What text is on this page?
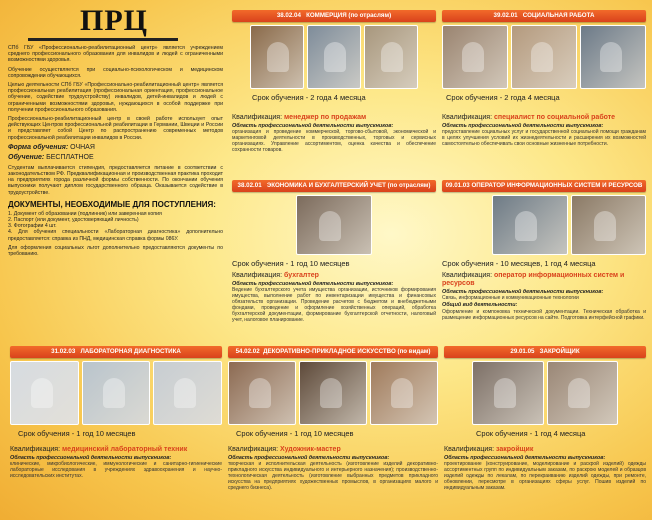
ПРЦ
СПб ГБУ «Профессионально-реабилитационный центр» является учреждением среднего профессионального образования для инвалидов и людей с ограниченными возможностями здоровья.
Обучение осуществляется при социально-психологическом и медицинском сопровождении обучающихся.
Целью деятельности СПб ГБУ «Профессионально-реабилитационный центр» является профессиональная реабилитация (профессиональная ориентация, профессиональное обучение, содействие трудоустройству) инвалидов, детей-инвалидов и людей с ограниченными возможностями здоровья, нуждающихся в особой поддержке при получении профессионального образования.
Профессионально-реабилитационный центр в своей работе использует опыт действующих Центров профессиональной реабилитации в Германии, Швеции и России и представляет собой Центр по распространению современных методов профессиональной реабилитации инвалидов в России.
Форма обучения: ОЧНАЯ
Обучение: БЕСПЛАТНОЕ
Студентам выплачивается стипендия, предоставляется питание в соответствии с законодательством РФ. Предквалификационная и производственная практика проходит на предприятиях города различной формы собственности. По окончании обучения выпускники получают диплом государственного образца. Оказывается содействие в трудоустройстве.
ДОКУМЕНТЫ, НЕОБХОДИМЫЕ ДЛЯ ПОСТУПЛЕНИЯ:
1. Документ об образовании (подлинник) или заверенная копия
2. Паспорт (или документ, удостоверяющий личность)
3. Фотографии 4 шт.
4. Для обучения специальности «Лабораторная диагностика» дополнительно предоставляется: справка из ПНД, медицинская справка формы 086У.
Для оформления социальных льгот дополнительно предоставляются документы по требованию.
38.02.04 КОММЕРЦИЯ (по отраслям)
Срок обучения - 2 года 4 месяца
Квалификация: менеджер по продажам
Область профессиональной деятельности выпускников:
организация и проведение коммерческой, торгово-сбытовой, экономической и маркетинговой деятельности в производственных, торговых и сервисных организациях. Управление ассортиментом, оценка качества и обеспечение сохранности товаров.
39.02.01 СОЦИАЛЬНАЯ РАБОТА
Срок обучения - 2 года 4 месяца
Квалификация: специалист по социальной работе
Область профессиональной деятельности выпускников:
предоставление социальных услуг и государственной социальной помощи гражданам в целях улучшения условий их жизнедеятельности и расширения их возможностей самостоятельно обеспечивать свои основные жизненные потребности.
38.02.01 ЭКОНОМИКА И БУХГАЛТЕРСКИЙ УЧЕТ (по отраслям)
Срок обучения - 1 год 10 месяцев
Квалификация: бухгалтер
Область профессиональной деятельности выпускников:
Ведение бухгалтерского учета имущества организации, источников формирования имущества, выполнение работ по инвентаризации имущества и финансовых обязательств организации. Проведение расчетов с бюджетом и внебюджетными фондами, проведение и оформление хозяйственных операций, обработка бухгалтерской документации, формирование бухгалтерской отчетности, налоговый учет, налоговое планирование.
09.01.03 ОПЕРАТОР ИНФОРМАЦИОННЫХ СИСТЕМ И РЕСУРСОВ
Срок обучения - 10 месяцев, 1 год 4 месяца
Квалификация: оператор информационных систем и ресурсов
Область профессиональной деятельности выпускников:
Связь, информационные и коммуникационные технологии
Общий вид деятельности:
Оформление и компоновка технической документации. Техническая обработка и размещение информационных ресурсов на сайте. Подготовка интерфейсной графики.
31.02.03 ЛАБОРАТОРНАЯ ДИАГНОСТИКА
Срок обучения - 1 год 10 месяцев
Квалификация: медицинский лабораторный техник
Область профессиональной деятельности выпускников:
клинические, микробиологические, иммунологические и санитарно-гигиенические лабораторные исследования в учреждениях здравоохранения и научно-исследовательских институтах.
54.02.02 ДЕКОРАТИВНО-ПРИКЛАДНОЕ ИСКУССТВО (по видам)
Срок обучения - 1 год 10 месяцев
Квалификация: Художник-мастер
Область профессиональной деятельности выпускников:
творческая и исполнительская деятельность (изготовление изделий декоративно-прикладного искусства индивидуального и интерьерного назначения); производственно-технологическая деятельность (изготовление выбранных предметов прикладного искусства на предприятиях художественных промыслов, в организациях малого и среднего бизнеса).
29.01.05 ЗАКРОЙЩИК
Срок обучения - 1 год 4 месяца
Квалификация: закройщик
Область профессиональной деятельности выпускников:
проектирование (конструирование, моделирование и раскрой изделий) одежды ассортиментных групп по индивидуальным заказам, по раскрою моделей и образцов изделий одежды по лекалам, по перекраиванию изделий одежды, при ремонте, обновлении, пересмотре в организациях сферы услуг. Пошив изделий по индивидуальным заказам.
